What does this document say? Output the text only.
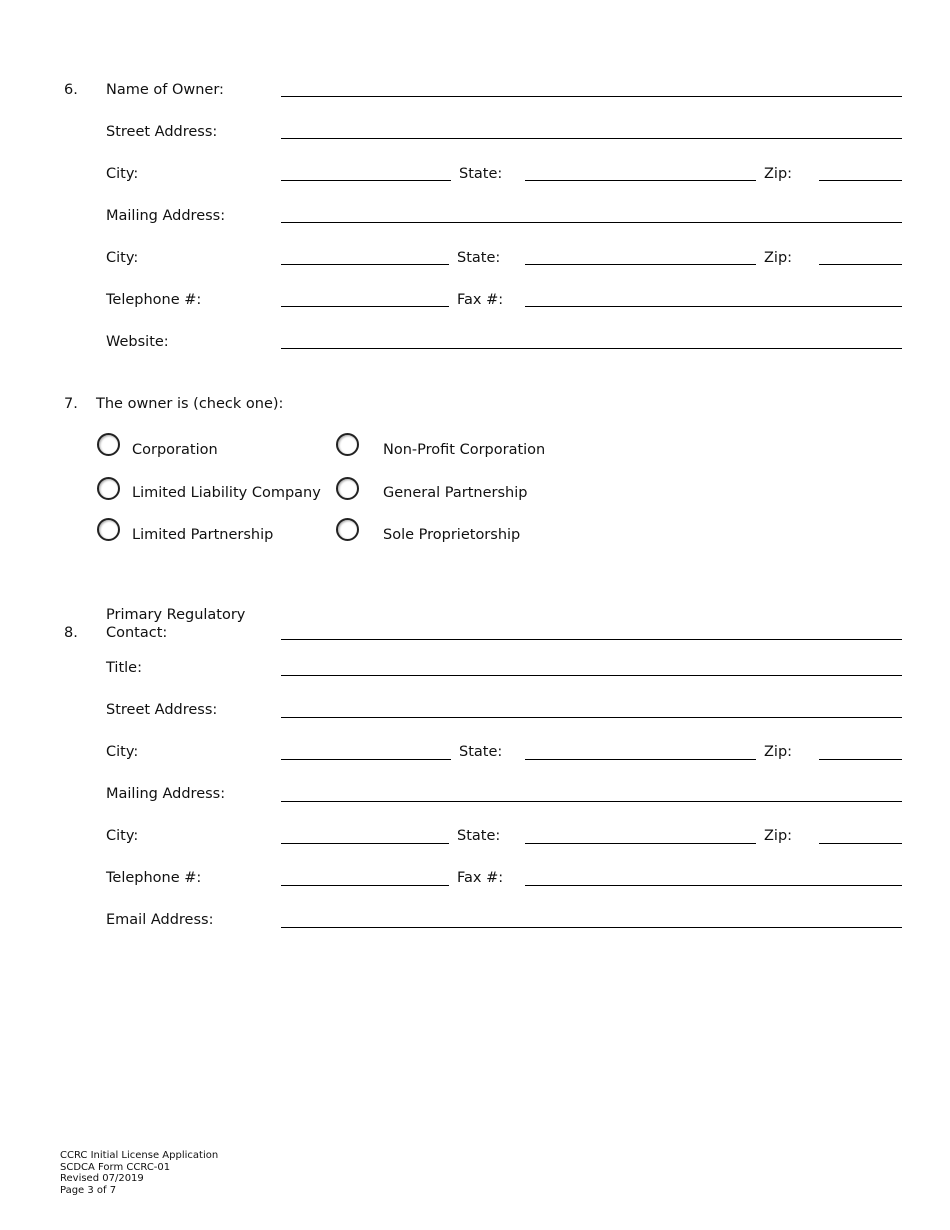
6. Name of Owner:
Street Address:
City:	State:	Zip:
Mailing Address:
City:	State:	Zip:
Telephone #:	Fax #:
Website:
7. The owner is (check one):
Corporation	Non-Profit Corporation
Limited Liability Company	General Partnership
Limited Partnership	Sole Proprietorship
8.
Primary Regulatory
Contact:
Title:
Street Address:
City:	State:	Zip:
Mailing Address:
City:	State:	Zip:
Telephone #:	Fax #:
Email Address:
CCRC Initial License Application
SCDCA Form CCRC-01
Revised 07/2019
Page 3 of 7
